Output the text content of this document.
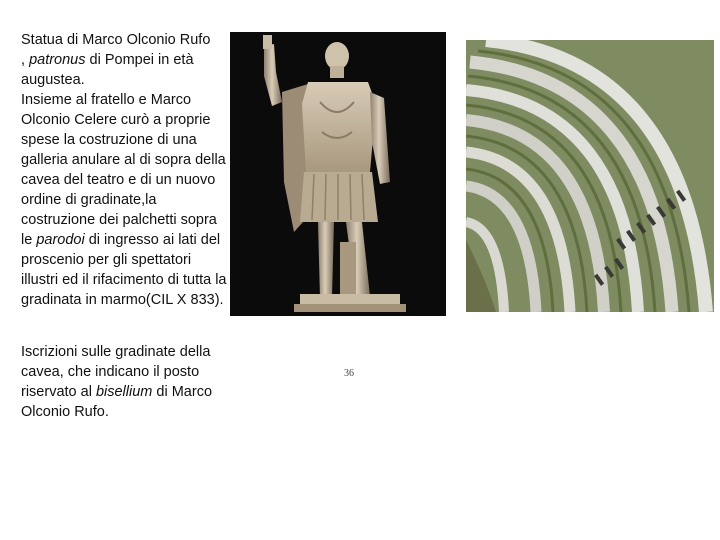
Statua di Marco Olconio Rufo
, patronus di Pompei in età augustea.
Insieme al fratello e Marco Olconio Celere curò a proprie spese la costruzione di una galleria anulare al di sopra della cavea del teatro e di un nuovo ordine di gradinate,la costruzione dei palchetti sopra le parodoi di ingresso ai lati del proscenio per gli spettatori illustri ed il rifacimento di tutta la gradinata in marmo(CIL X 833).

Iscrizioni sulle gradinate della cavea, che indicano il posto riservato al bisellium di Marco Olconio Rufo.

36
